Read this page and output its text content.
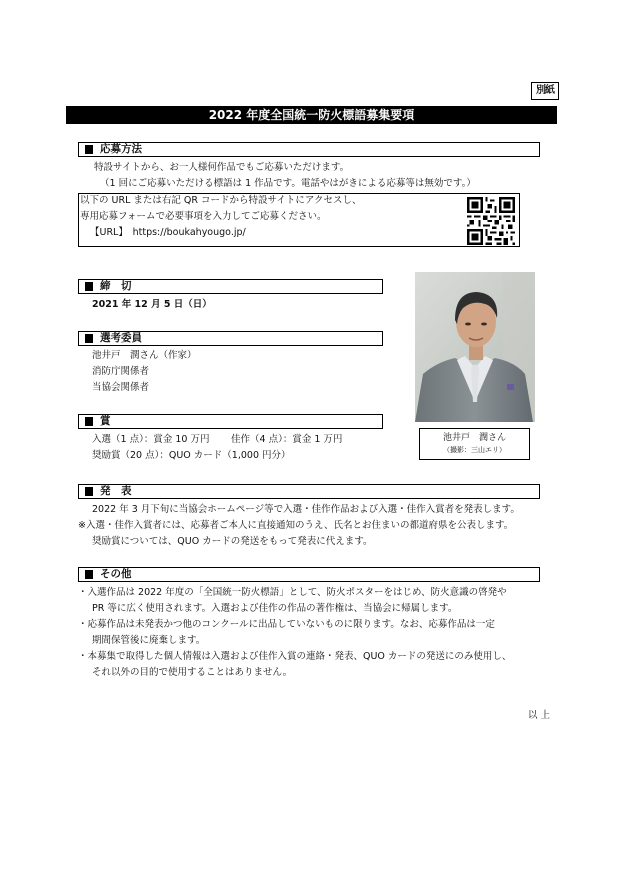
別紙
2022 年度全国統一防火標語募集要項
応募方法
特設サイトから、お一人様何作品でもご応募いただけます。
（1 回にご応募いただける標語は 1 作品です。電話やはがきによる応募等は無効です。）
以下の URL または右記 QR コードから特設サイトにアクセスし、
専用応募フォームで必要事項を入力してご応募ください。
【URL】　https://boukahyougo.jp/
締　切
2021 年 12 月 5 日（日）
選考委員
池井戸　潤さん（作家）
消防庁関係者
当協会関係者
賞
入選（1 点）：賞金 10 万円 佳作（4 点）：賞金 1 万円
奨励賞（20 点）：QUO カード（1,000 円分）
池井戸　潤さん
（撮影：三山エリ）
発　表
2022 年 3 月下旬に当協会ホームページ等で入選・佳作作品および入選・佳作入賞者を発表します。
※入選・佳作入賞者には、応募者ご本人に直接通知のうえ、氏名とお住まいの都道府県を公表します。
奨励賞については、QUO カードの発送をもって発表に代えます。
その他
・入選作品は 2022 年度の「全国統一防火標語」として、防火ポスターをはじめ、防火意識の啓発や
PR 等に広く使用されます。入選および佳作の作品の著作権は、当協会に帰属します。
・応募作品は未発表かつ他のコンクールに出品していないものに限ります。なお、応募作品は一定
期間保管後に廃棄します。
・本募集で取得した個人情報は入選および佳作入賞の連絡・発表、QUO カードの発送にのみ使用し、
それ以外の目的で使用することはありません。
以 上
